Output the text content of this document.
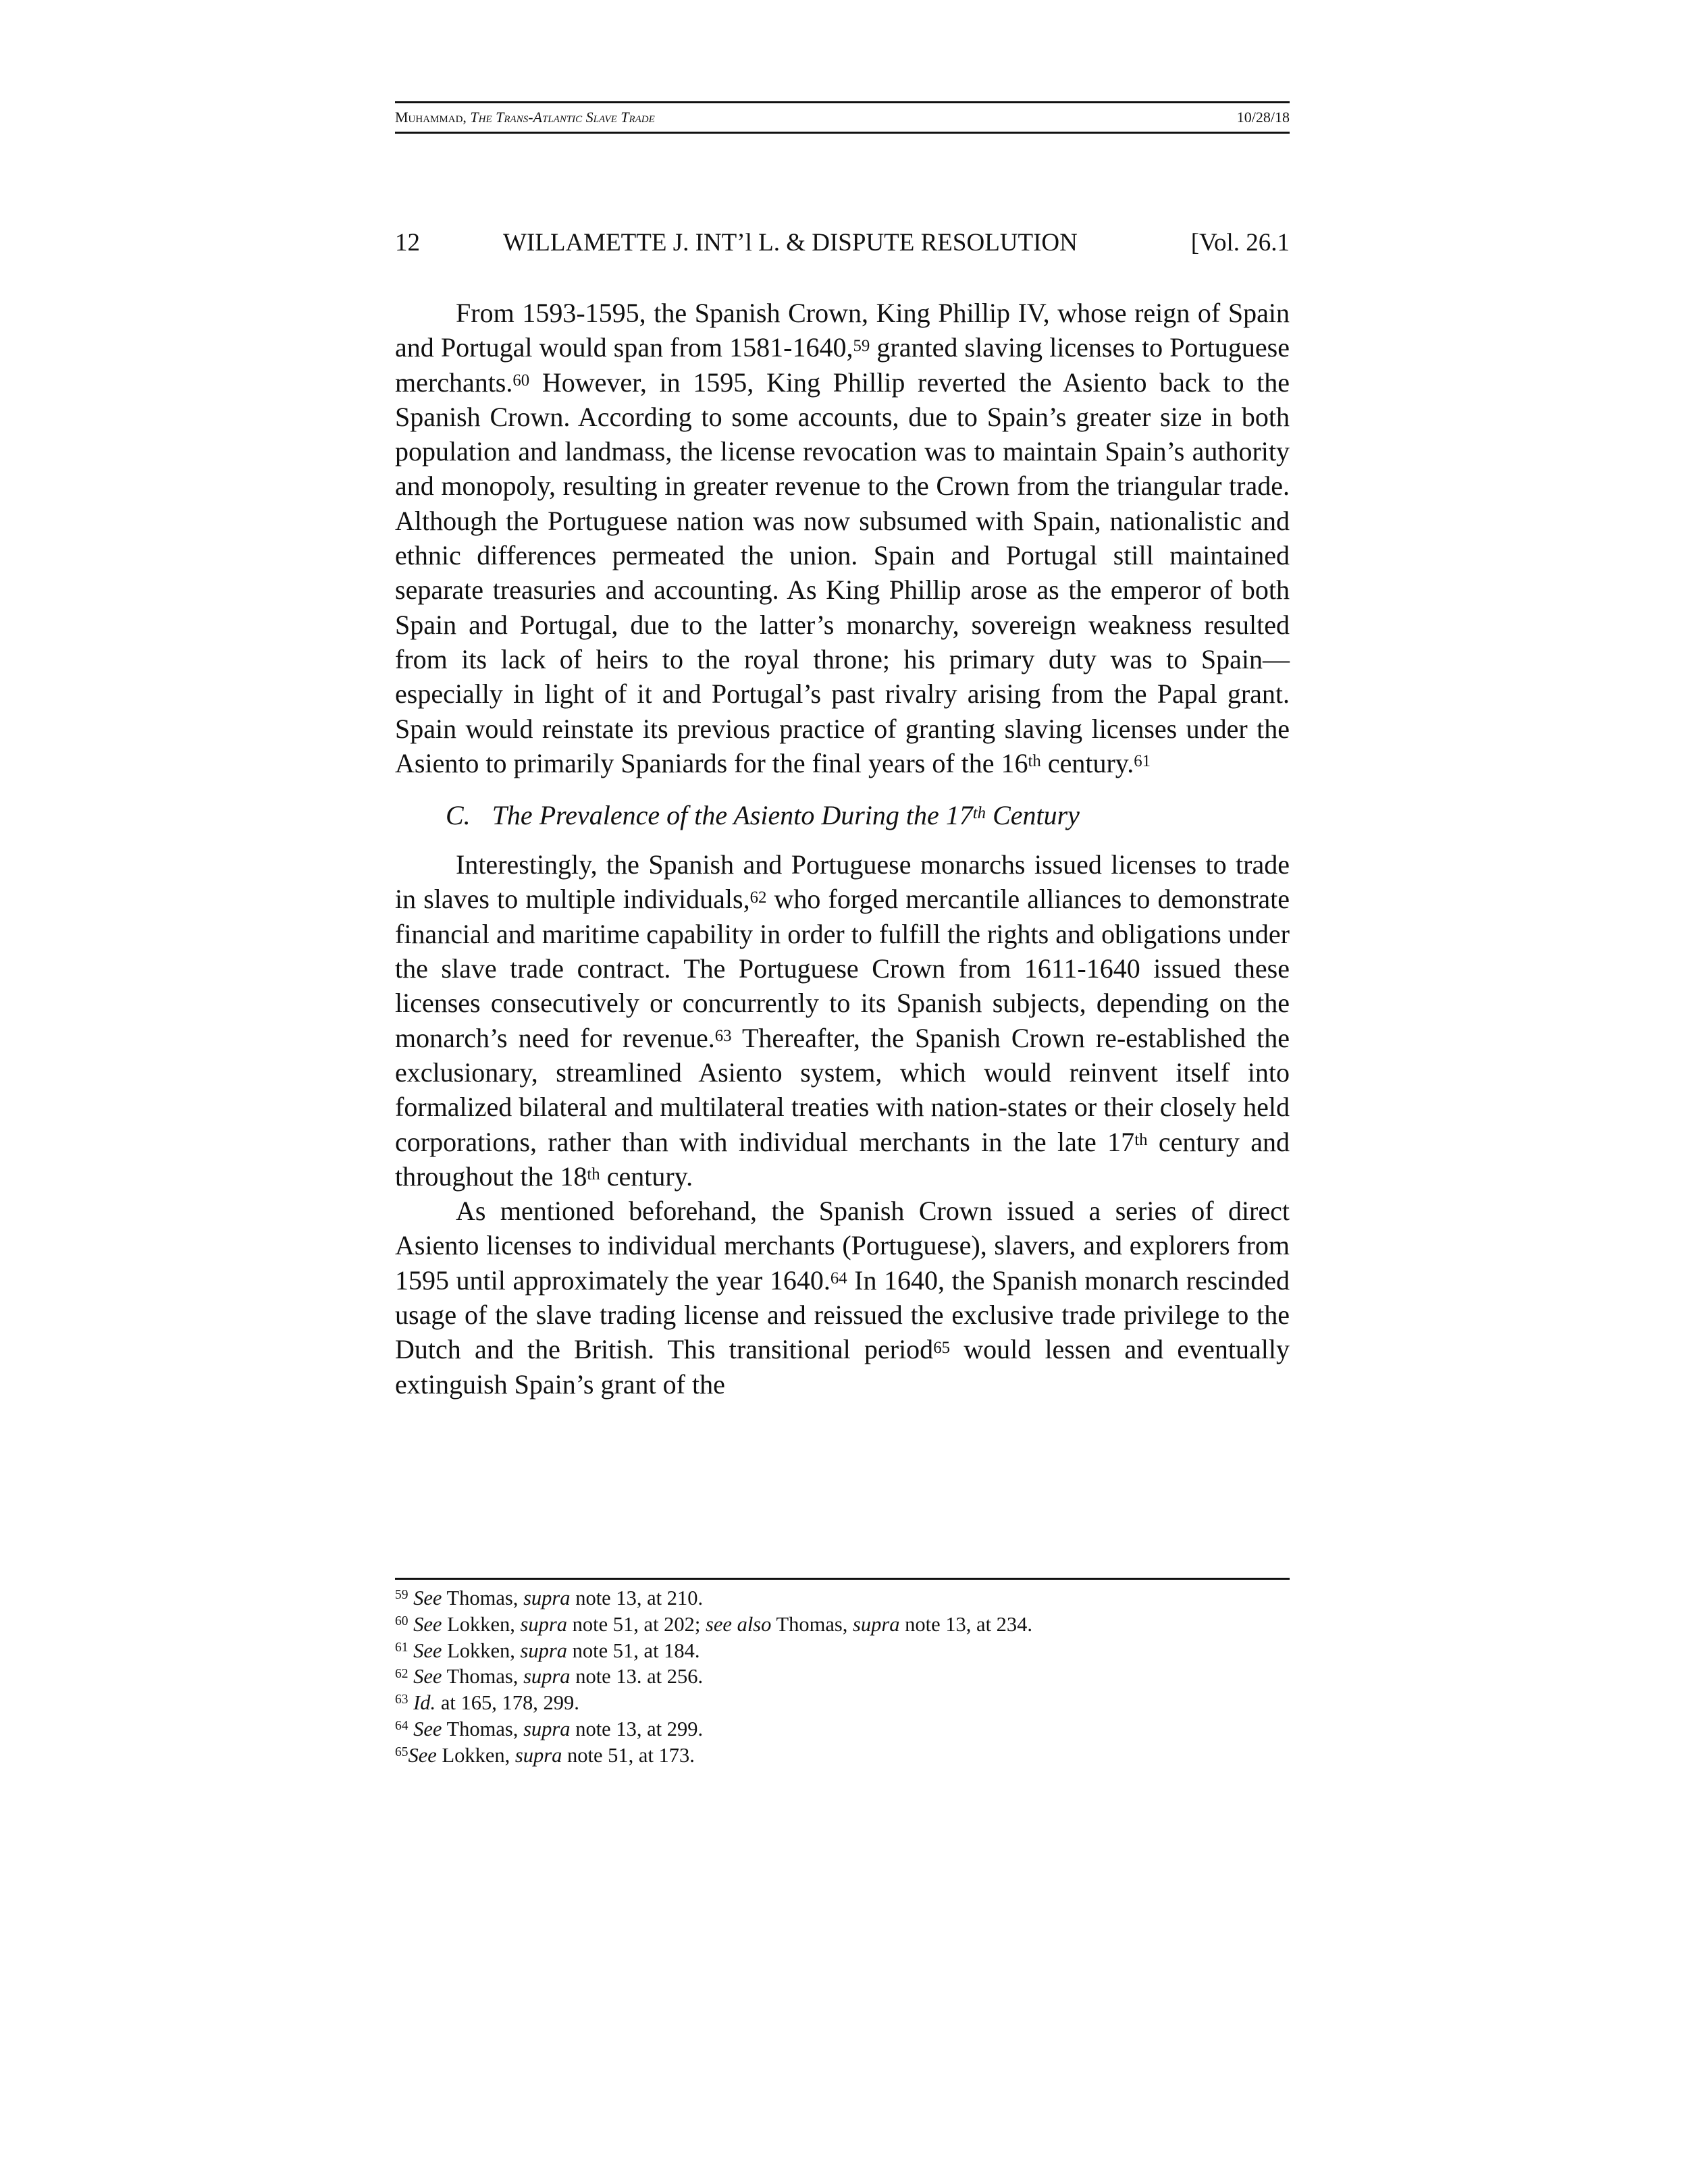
Muhammad, The Trans-Atlantic Slave Trade	10/28/18
12	WILLAMETTE J. INT’l L. & DISPUTE RESOLUTION	[Vol. 26.1

From 1593-1595, the Spanish Crown, King Phillip IV, whose reign of Spain and Portugal would span from 1581-1640,59 granted slaving licenses to Portuguese merchants.$^{60}$ However, in 1595, King Phillip reverted the Asiento back to the Spanish Crown. According to some accounts, due to Spain’s greater size in both population and landmass, the license revocation was to maintain Spain’s authority and monopoly, resulting in greater revenue to the Crown from the triangular trade. Although the Portuguese nation was now subsumed with Spain, nationalistic and ethnic differences permeated the union. Spain and Portugal still maintained separate treasuries and accounting. As King Phillip arose as the emperor of both Spain and Portugal, due to the latter’s monarchy, sovereign weakness resulted from its lack of heirs to the royal throne; his primary duty was to Spain—especially in light of it and Portugal’s past rivalry arising from the Papal grant. Spain would reinstate its previous practice of granting slaving licenses under the Asiento to primarily Spaniards for the final years of the 16th century.$^{61}$

C. The Prevalence of the Asiento During the 17th Century

Interestingly, the Spanish and Portuguese monarchs issued licenses to trade in slaves to multiple individuals,$^{62}$ who forged mercantile alliances to demonstrate financial and maritime capability in order to fulfill the rights and obligations under the slave trade contract. The Portuguese Crown from 1611-1640 issued these licenses consecutively or concurrently to its Spanish subjects, depending on the monarch’s need for revenue.$^{63}$ Thereafter, the Spanish Crown re-established the exclusionary, streamlined Asiento system, which would reinvent itself into formalized bilateral and multilateral treaties with nation-states or their closely held corporations, rather than with individual merchants in the late 17th century and throughout the 18th century.

As mentioned beforehand, the Spanish Crown issued a series of direct Asiento licenses to individual merchants (Portuguese), slavers, and explorers from 1595 until approximately the year 1640.64 In 1640, the Spanish monarch rescinded usage of the slave trading license and reissued the exclusive trade privilege to the Dutch and the British. This transitional period$^{65}$ would lessen and eventually extinguish Spain’s grant of the

$^{59}$ See Thomas, supra note 13, at 210.
$^{60}$ See Lokken, supra note 51, at 202; see also Thomas, supra note 13, at 234.
$^{61}$ See Lokken, supra note 51, at 184.
$^{62}$ See Thomas, supra note 13. at 256.
$^{63}$ Id. at 165, 178, 299.
$^{64}$ See Thomas, supra note 13, at 299.
$^{65}$See Lokken, supra note 51, at 173.
